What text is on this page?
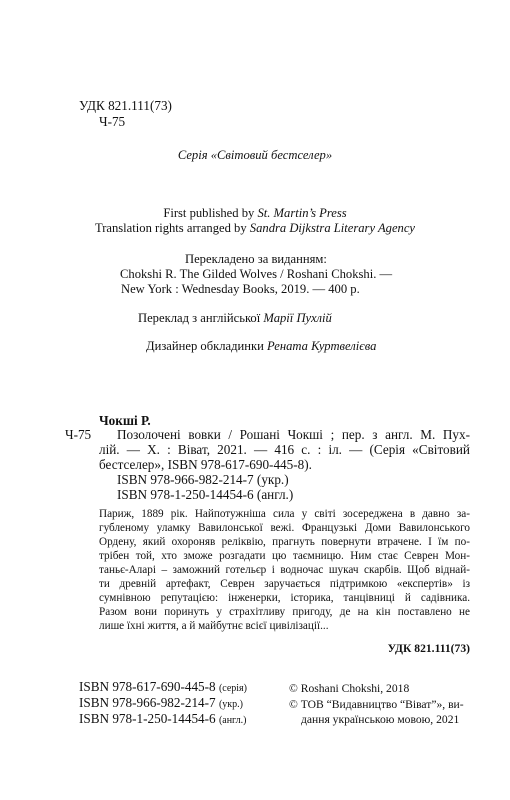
УДК 821.111(73)
Ч-75
Серія «Світовий бестселер»
First published by St. Martin’s Press
Translation rights arranged by Sandra Dijkstra Literary Agency
Перекладено за виданням:
Chokshi R. The Gilded Wolves / Roshani Chokshi. —
New York : Wednesday Books, 2019. — 400 p.
Переклад з англійської Марії Пухлій
Дизайнер обкладинки Рената Куртвелієва
Чокші Р.
Ч-75 Позолочені вовки / Рошані Чокші ; пер. з англ. М. Пух-
лій. — Х. : Віват, 2021. — 416 с. : іл. — (Серія «Світовий
бестселер», ISBN 978-617-690-445-8).
ISBN 978-966-982-214-7 (укр.)
ISBN 978-1-250-14454-6 (англ.)
Париж, 1889 рік. Найпотужніша сила у світі зосереджена в давно за-
губленому уламку Вавилонської вежі. Французькі Доми Вавилонського
Ордену, який охороняв реліквію, прагнуть повернути втрачене. І їм по-
трібен той, хто зможе розгадати цю таємницю. Ним стає Севрен Мон-
таньє-Аларі – заможний готельєр і водночас шукач скарбів. Щоб віднай-
ти древній артефакт, Севрен заручається підтримкою «експертів» із
сумнівною репутацією: інженерки, історика, танцівниці й садівника.
Разом вони поринуть у страхітливу пригоду, де на кін поставлено не
лише їхні життя, а й майбутнє всієї цивілізації...
УДК 821.111(73)
ISBN 978-617-690-445-8 (серія)
ISBN 978-966-982-214-7 (укр.)
ISBN 978-1-250-14454-6 (англ.)
© Roshani Chokshi, 2018
© ТОВ “Видавництво “Віват”», ви-
дання українською мовою, 2021
